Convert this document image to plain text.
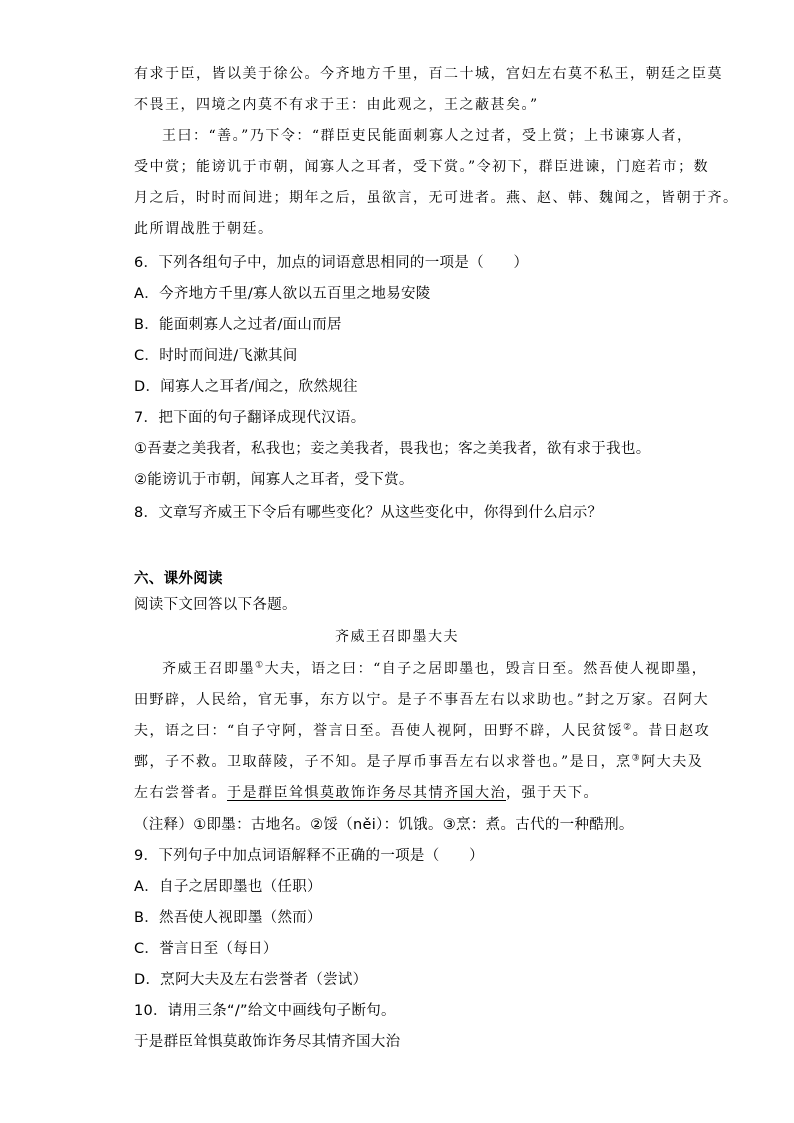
有求于臣，皆以美于徐公。今齐地方千里，百二十城，宫妇左右莫不私王，朝廷之臣莫
不畏王，四境之内莫不有求于王：由此观之，王之蔽甚矣。”
王曰：“善。”乃下令：“群臣吏民能面刺寡人之过者，受上赏；上书谏寡人者，
受中赏；能谤讥于市朝，闻寡人之耳者，受下赏。”令初下，群臣进谏，门庭若市；数
月之后，时时而间进；期年之后，虽欲言，无可进者。燕、赵、韩、魏闻之，皆朝于齐。
此所谓战胜于朝廷。
6．下列各组句子中，加点的词语意思相同的一项是（　　）
A．今齐地方千里/寡人欲以五百里之地易安陵
B．能面刺寡人之过者/面山而居
C．时时而间进/飞漱其间
D．闻寡人之耳者/闻之，欣然规往
7．把下面的句子翻译成现代汉语。
①吾妻之美我者，私我也；妾之美我者，畏我也；客之美我者，欲有求于我也。
②能谤讥于市朝，闻寡人之耳者，受下赏。
8．文章写齐威王下令后有哪些变化？从这些变化中，你得到什么启示？
六、课外阅读
阅读下文回答以下各题。
齐威王召即墨大夫
齐威王召即墨①大夫，语之曰：“自子之居即墨也，毁言日至。然吾使人视即墨，
田野辟，人民给，官无事，东方以宁。是子不事吾左右以求助也。”封之万家。召阿大
夫，语之曰：“自子守阿，誉言日至。吾使人视阿，田野不辟，人民贫馁②。昔日赵攻
鄄，子不救。卫取薛陵，子不知。是子厚币事吾左右以求誉也。”是日，烹③阿大夫及
左右尝誉者。于是群臣耸惧莫敢饰诈务尽其情齐国大治，强于天下。
（注释）①即墨：古地名。②馁（něi）：饥饿。③烹：煮。古代的一种酷刑。
9．下列句子中加点词语解释不正确的一项是（　　）
A．自子之居即墨也（任职）
B．然吾使人视即墨（然而）
C．誉言日至（每日）
D．烹阿大夫及左右尝誉者（尝试）
10．请用三条“/”给文中画线句子断句。
于是群臣耸惧莫敢饰诈务尽其情齐国大治
